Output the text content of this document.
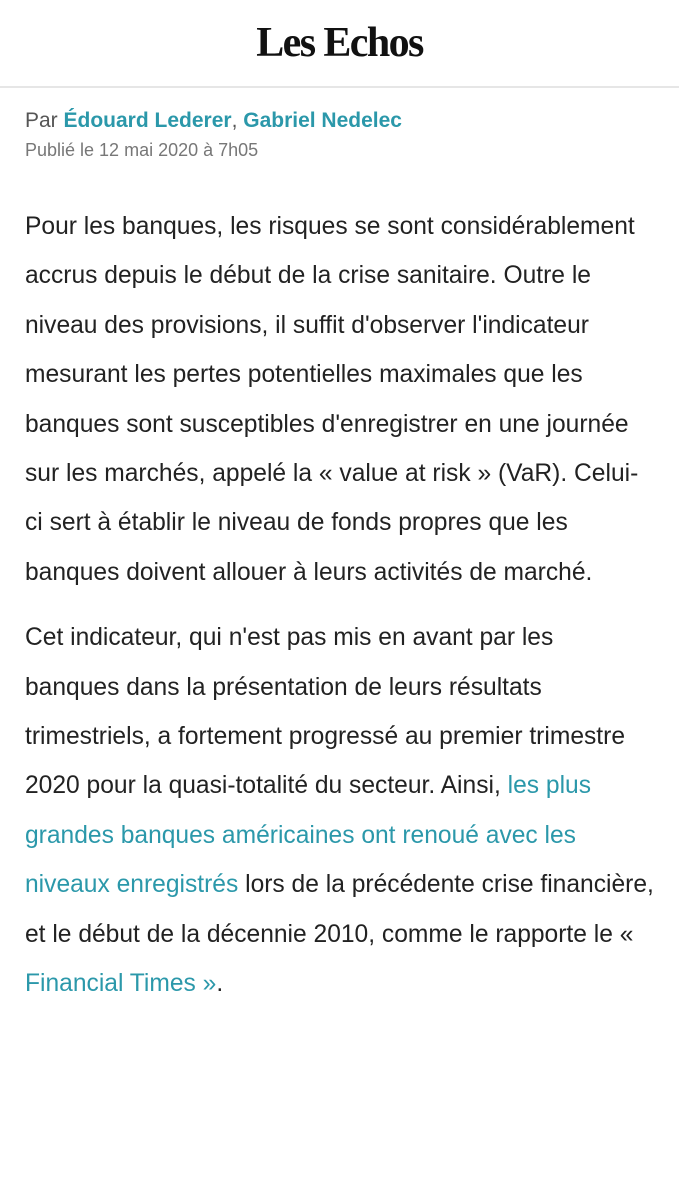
Les Echos
Par Édouard Lederer, Gabriel Nedelec
Publié le 12 mai 2020 à 7h05

Pour les banques, les risques se sont considérablement accrus depuis le début de la crise sanitaire. Outre le niveau des provisions, il suffit d'observer l'indicateur mesurant les pertes potentielles maximales que les banques sont susceptibles d'enregistrer en une journée sur les marchés, appelé la « value at risk » (VaR). Celui-ci sert à établir le niveau de fonds propres que les banques doivent allouer à leurs activités de marché.

Cet indicateur, qui n'est pas mis en avant par les banques dans la présentation de leurs résultats trimestriels, a fortement progressé au premier trimestre 2020 pour la quasi-totalité du secteur. Ainsi, les plus grandes banques américaines ont renoué avec les niveaux enregistrés lors de la précédente crise financière, et le début de la décennie 2010, comme le rapporte le « Financial Times ».
